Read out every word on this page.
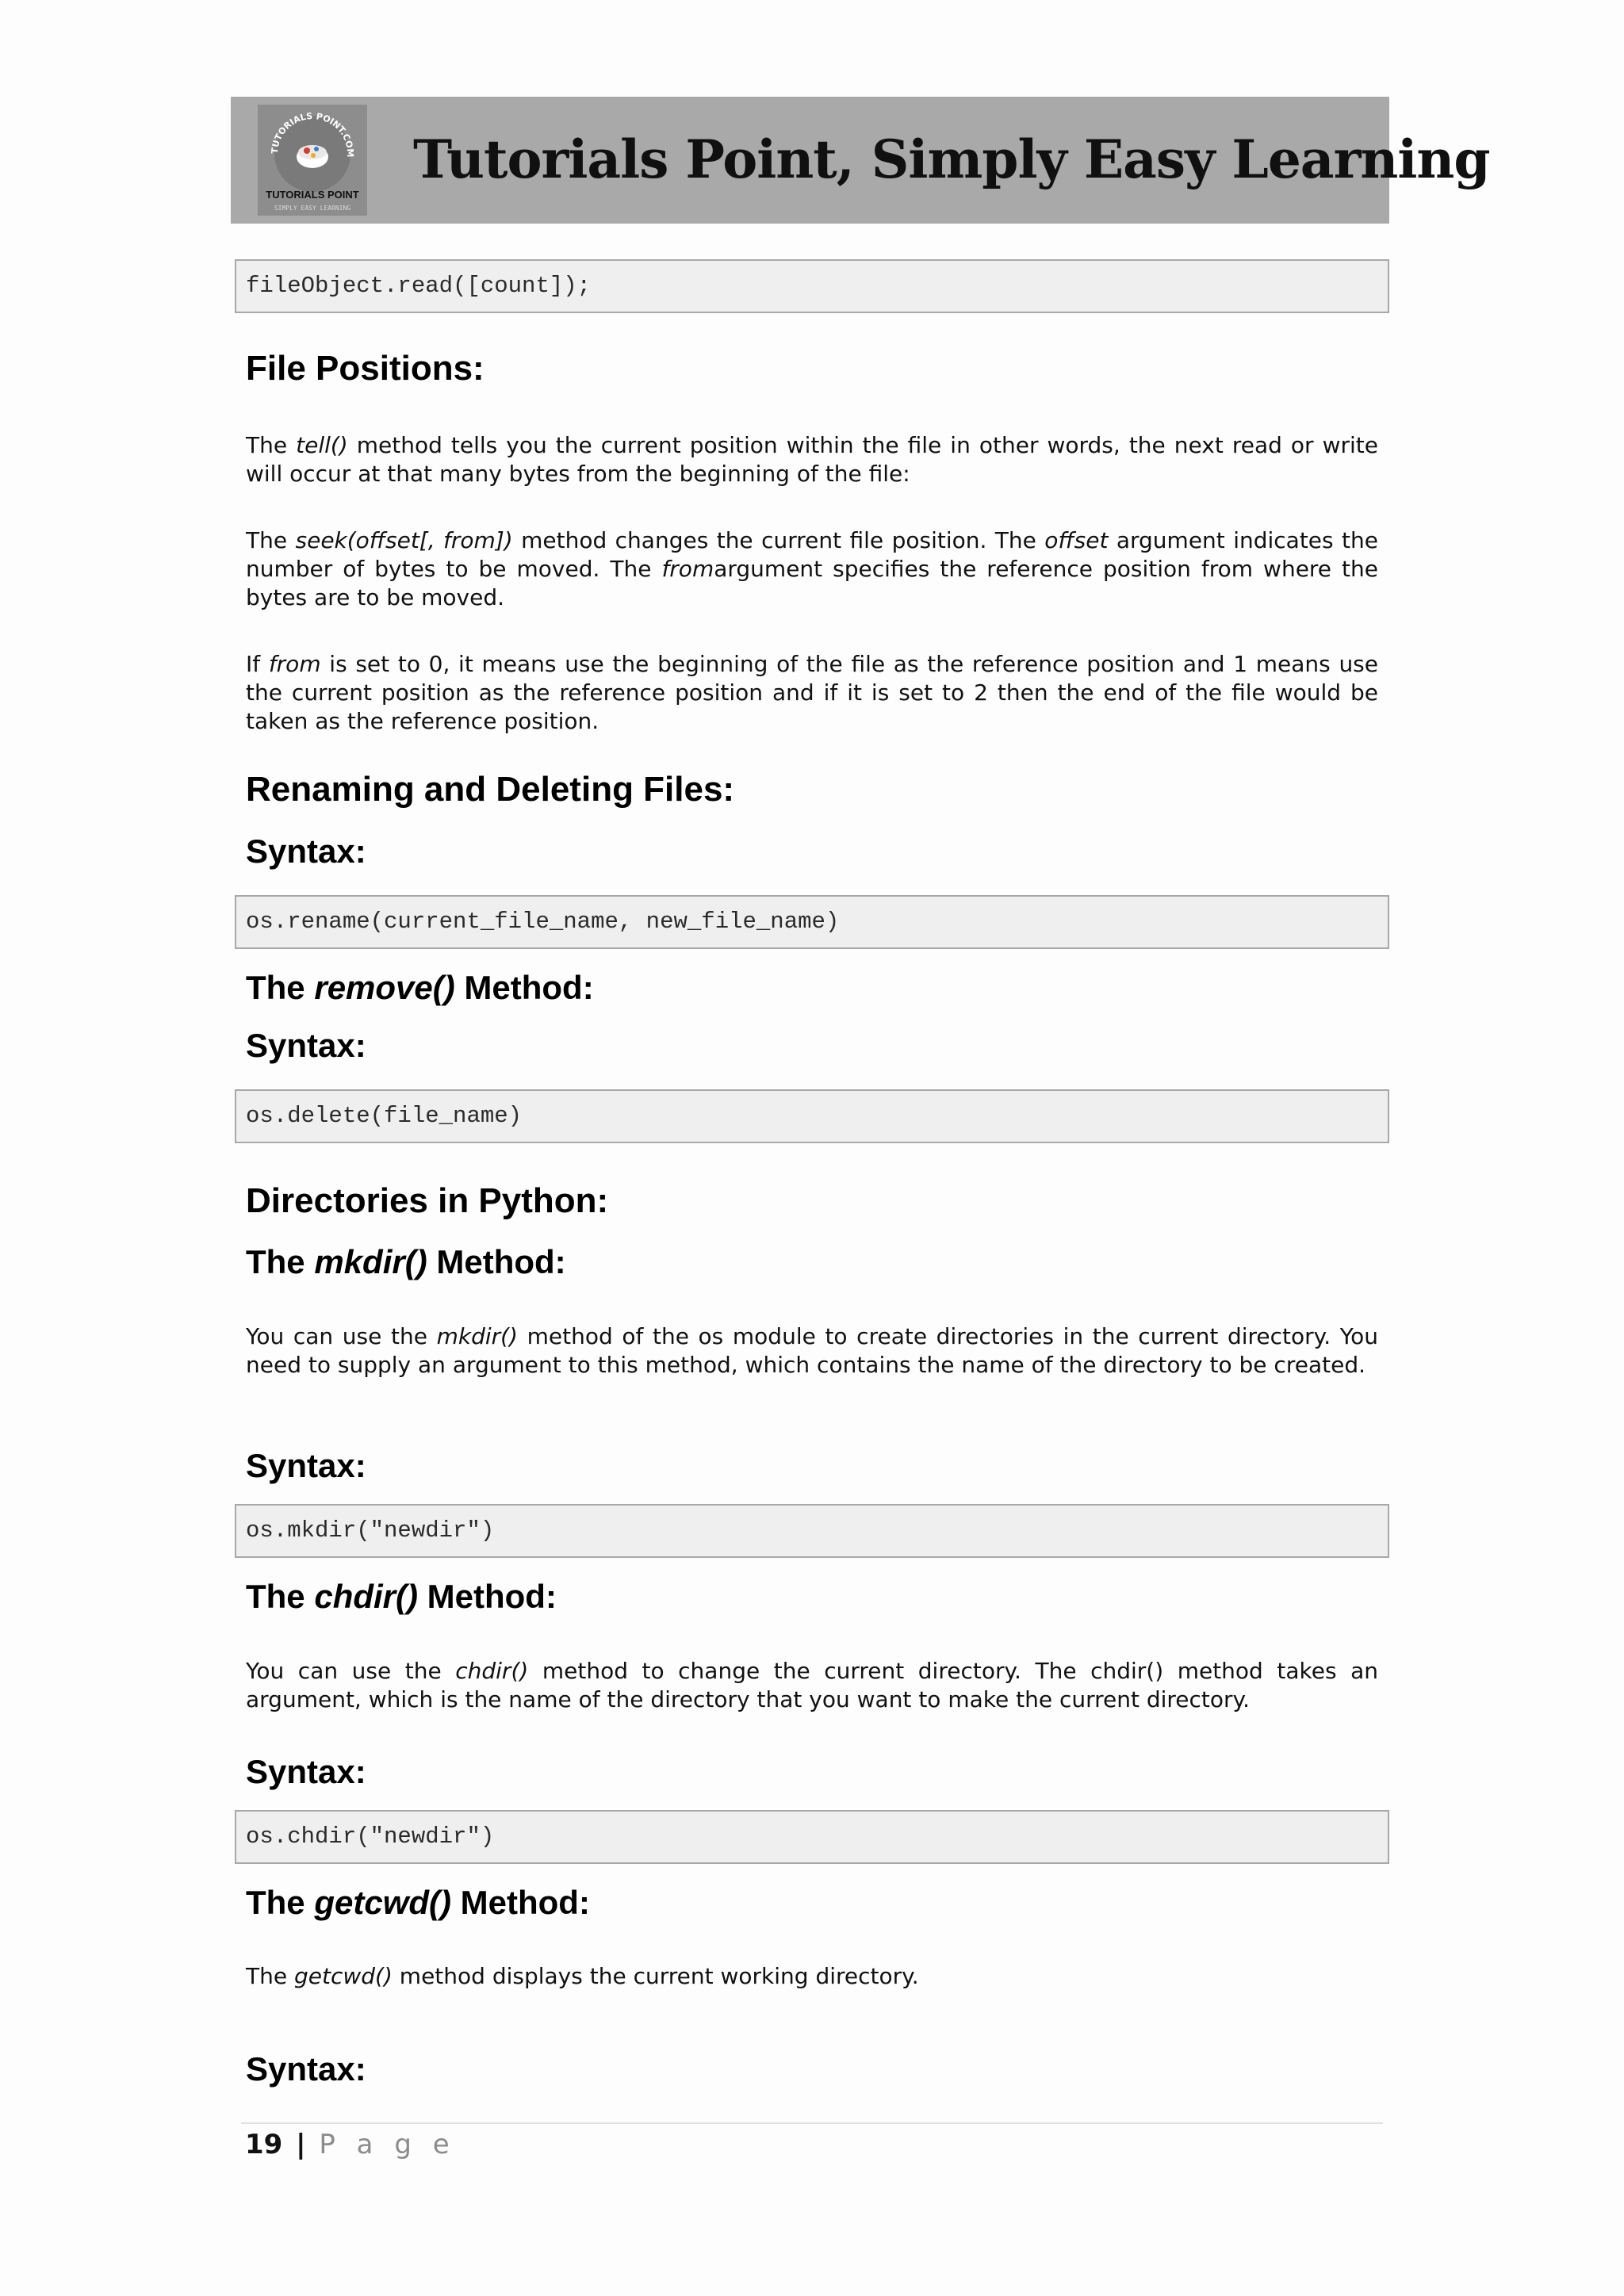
TUTORIALS POINT.COM
TUTORIALS POINT
SIMPLY EASY LEARNING
Tutorials Point, Simply Easy Learning
fileObject.read([count]);
File Positions:

The tell() method tells you the current position within the file in other words, the next read or write will occur at that many bytes from the beginning of the file:

The seek(offset[, from]) method changes the current file position. The offset argument indicates the number of bytes to be moved. The fromargument specifies the reference position from where the bytes are to be moved.

If from is set to 0, it means use the beginning of the file as the reference position and 1 means use the current position as the reference position and if it is set to 2 then the end of the file would be taken as the reference position.

Renaming and Deleting Files:
Syntax:
os.rename(current_file_name, new_file_name)
The remove() Method:
Syntax:
os.delete(file_name)
Directories in Python:
The mkdir() Method:

You can use the mkdir() method of the os module to create directories in the current directory. You need to supply an argument to this method, which contains the name of the directory to be created.

Syntax:
os.mkdir("newdir")
The chdir() Method:

You can use the chdir() method to change the current directory. The chdir() method takes an argument, which is the name of the directory that you want to make the current directory.

Syntax:
os.chdir("newdir")
The getcwd() Method:

The getcwd() method displays the current working directory.

Syntax:
19 | P a g e
